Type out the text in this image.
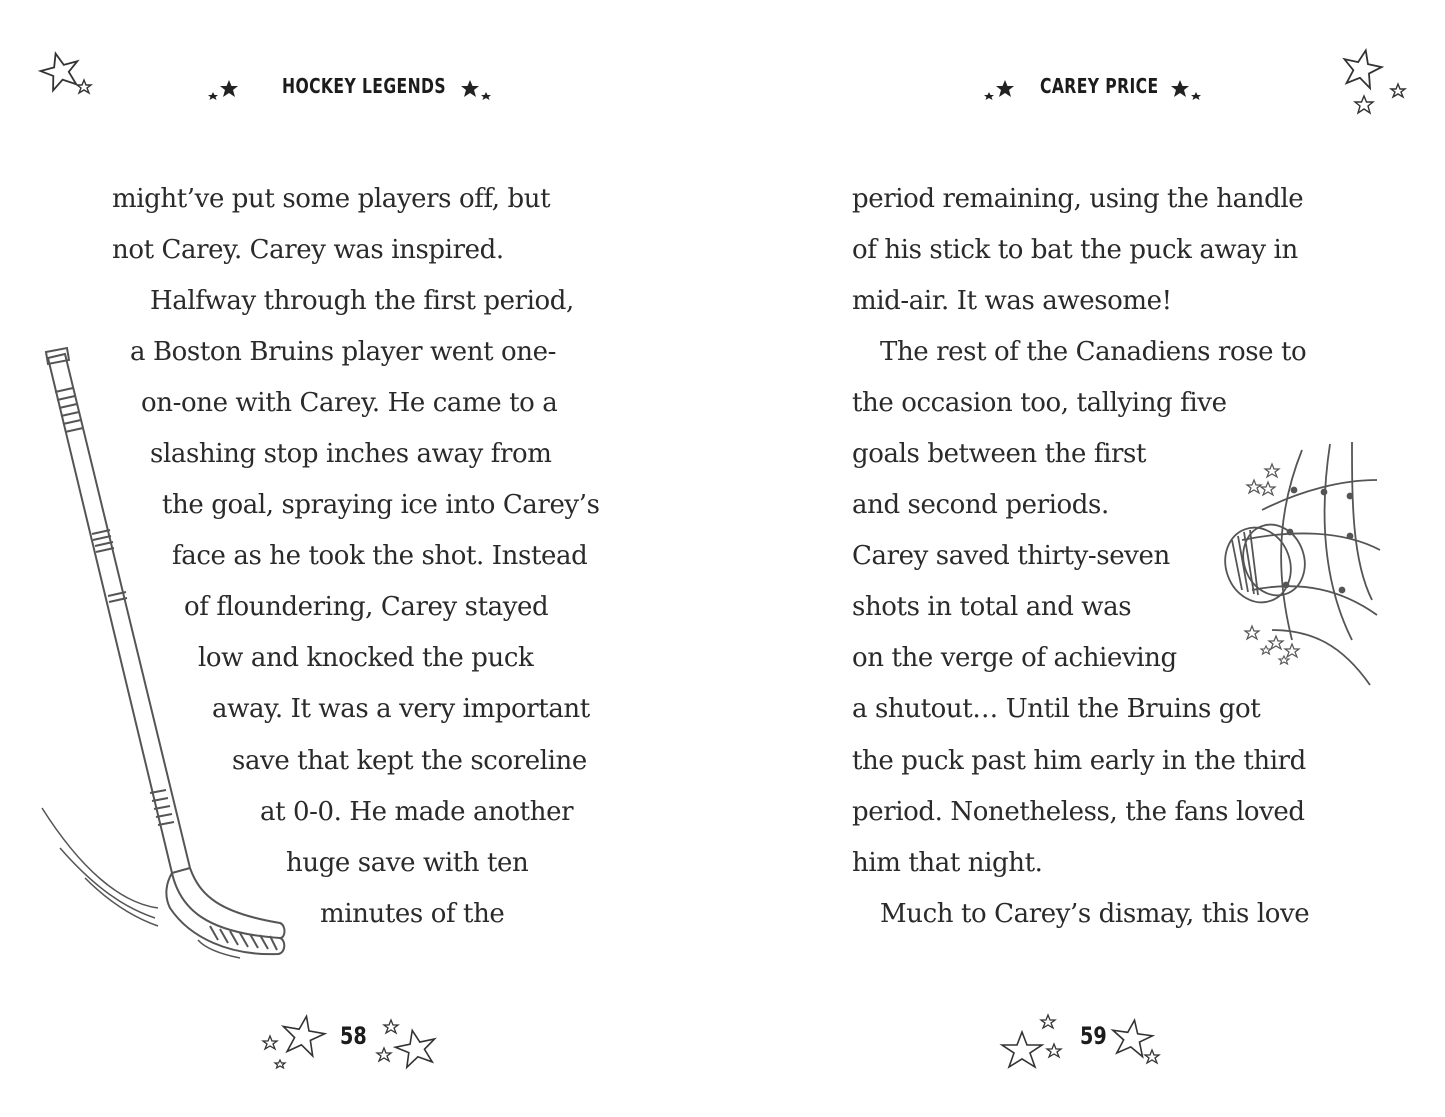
HOCKEY LEGENDS
might’ve put some players off, but
not Carey. Carey was inspired.
Halfway through the first period,
a Boston Bruins player went one-
on-one with Carey. He came to a
slashing stop inches away from
the goal, spraying ice into Carey’s
face as he took the shot. Instead
of floundering, Carey stayed
low and knocked the puck
away. It was a very important
save that kept the scoreline
at 0-0. He made another
huge save with ten
minutes of the
58
CAREY PRICE
period remaining, using the handle
of his stick to bat the puck away in
mid-air. It was awesome!
The rest of the Canadiens rose to
the occasion too, tallying five
goals between the first
and second periods.
Carey saved thirty-seven
shots in total and was
on the verge of achieving
a shutout… Until the Bruins got
the puck past him early in the third
period. Nonetheless, the fans loved
him that night.
Much to Carey’s dismay, this love
59
